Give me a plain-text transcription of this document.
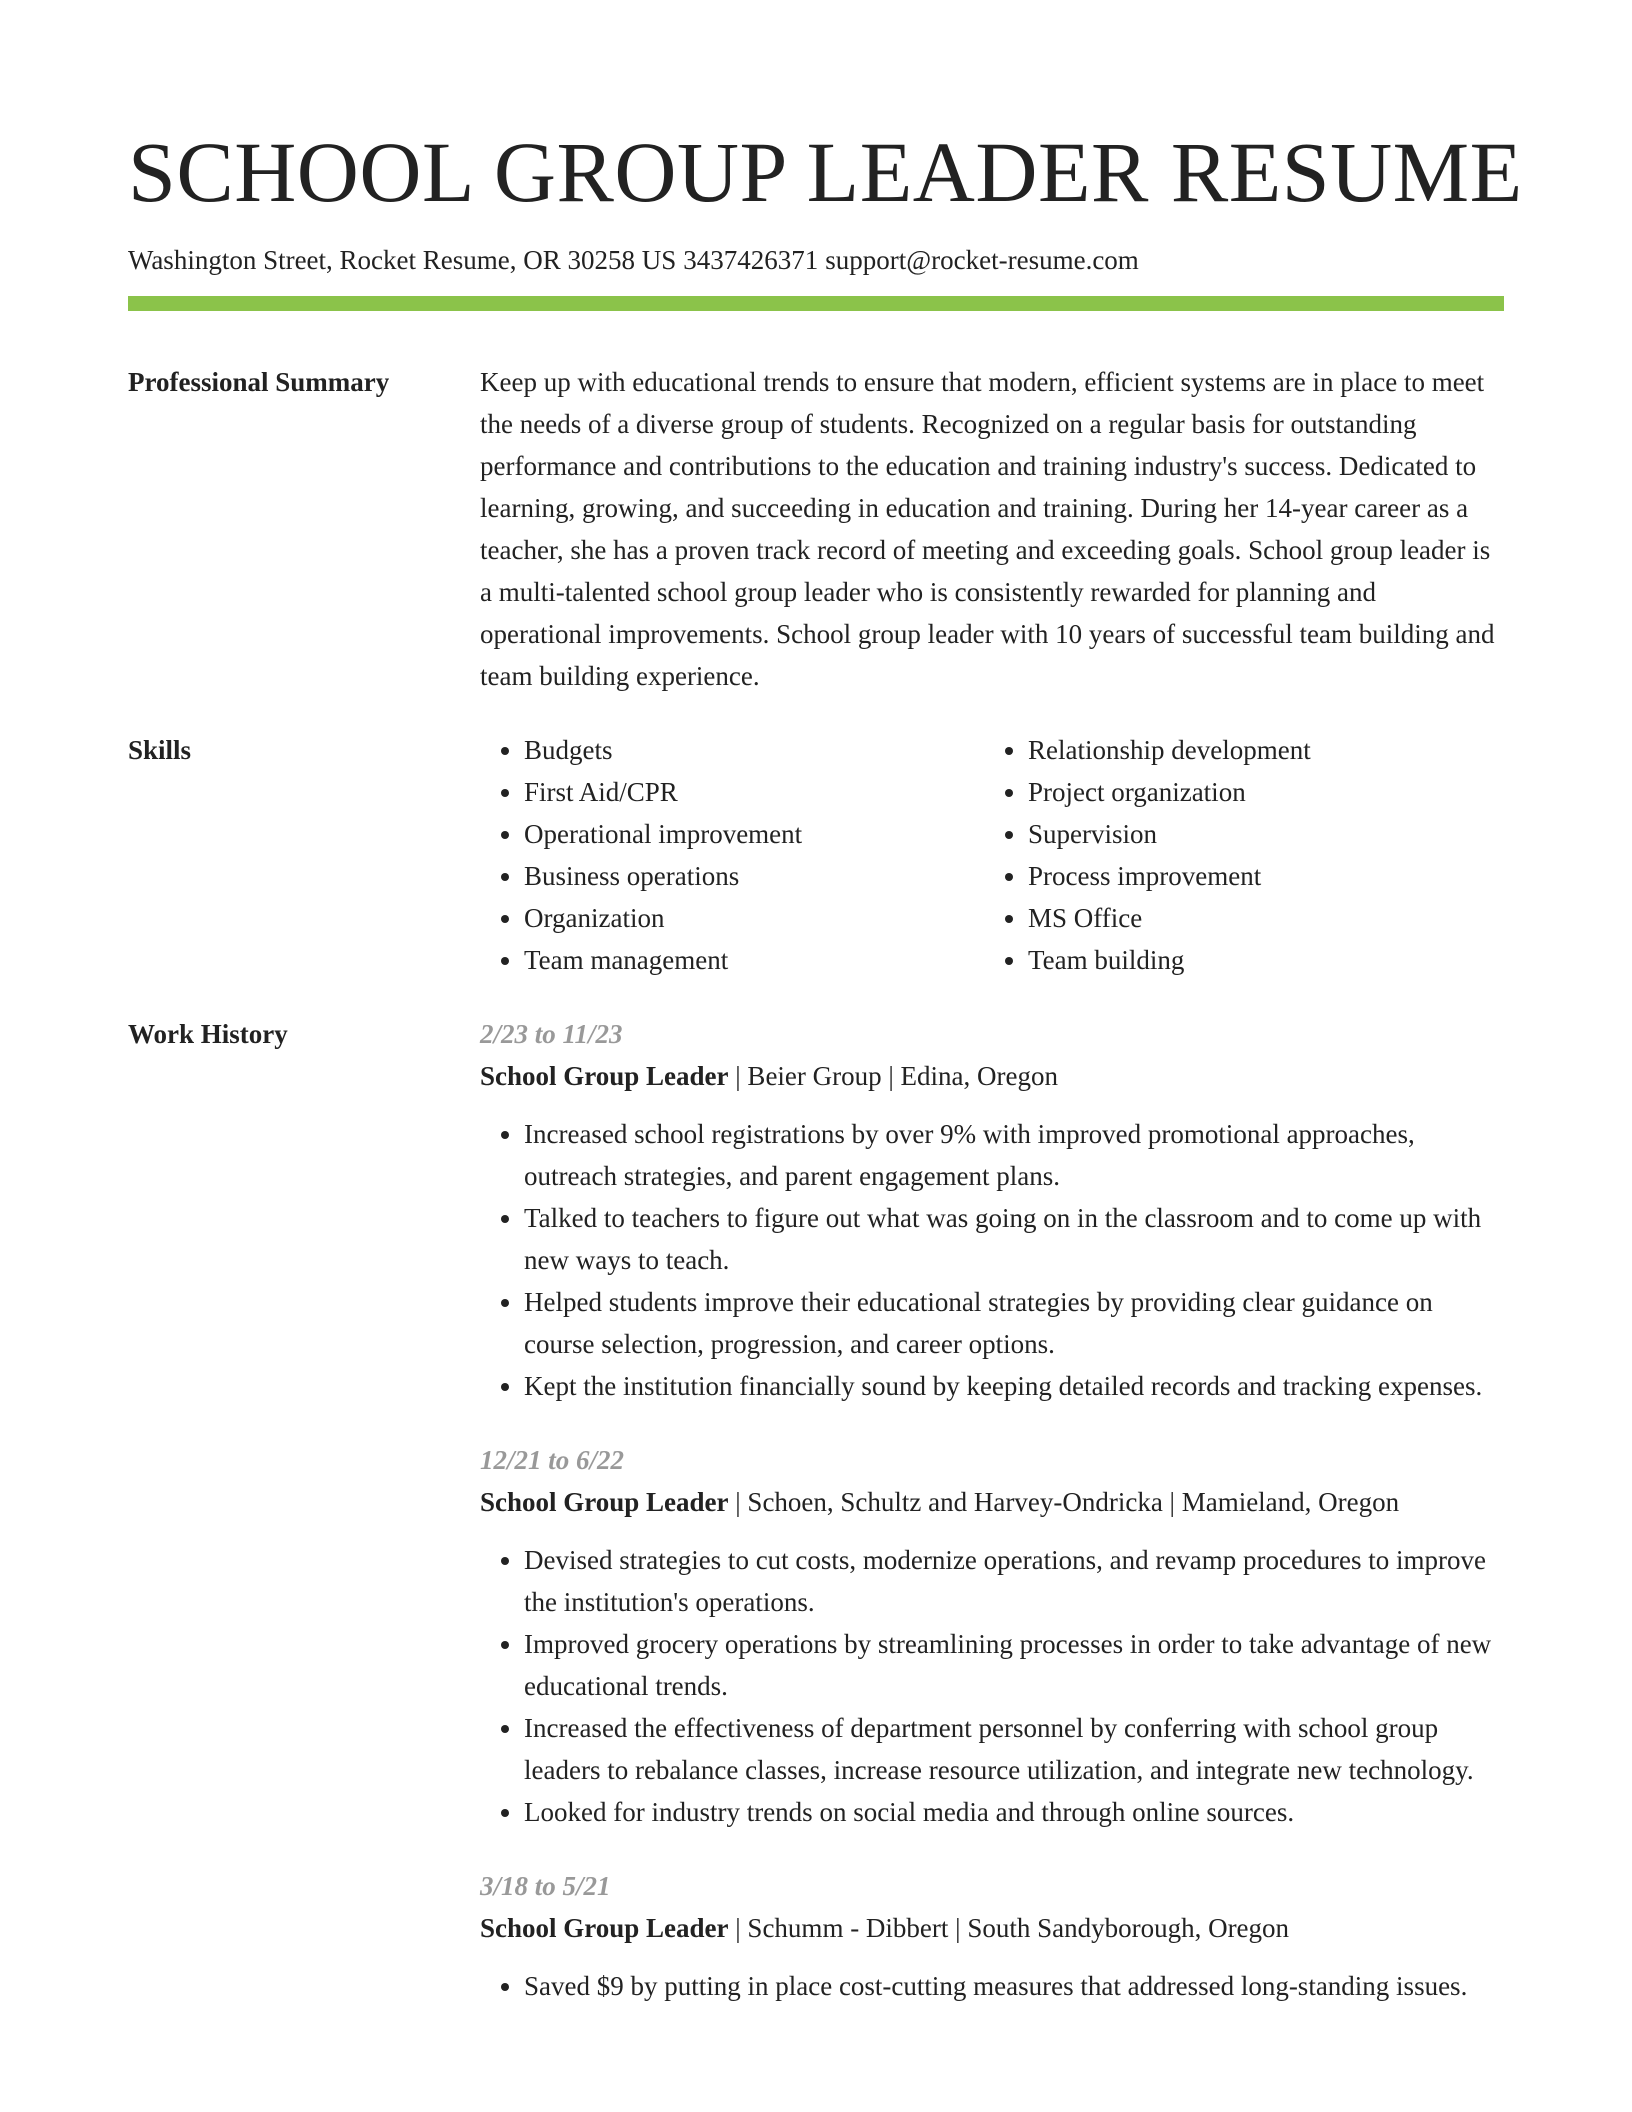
SCHOOL GROUP LEADER RESUME
Washington Street, Rocket Resume, OR 30258 US 3437426371 support@rocket-resume.com
Professional Summary	Keep up with educational trends to ensure that modern, efficient systems are in place to meet the needs of a diverse group of students. Recognized on a regular basis for outstanding performance and contributions to the education and training industry's success. Dedicated to learning, growing, and succeeding in education and training. During her 14-year career as a teacher, she has a proven track record of meeting and exceeding goals. School group leader is a multi-talented school group leader who is consistently rewarded for planning and operational improvements. School group leader with 10 years of successful team building and team building experience.
Skills
•	Budgets
• First Aid/CPR
• Operational improvement
• Business operations
• Organization
• Team management
• Relationship development
• Project organization
• Supervision
• Process improvement
• MS Office
• Team building
Work History	2/23 to 11/23
School Group Leader | Beier Group | Edina, Oregon
• Increased school registrations by over 9% with improved promotional approaches, outreach strategies, and parent engagement plans.
• Talked to teachers to figure out what was going on in the classroom and to come up with new ways to teach.
• Helped students improve their educational strategies by providing clear guidance on course selection, progression, and career options.
• Kept the institution financially sound by keeping detailed records and tracking expenses.
12/21 to 6/22
School Group Leader | Schoen, Schultz and Harvey-Ondricka | Mamieland, Oregon
• Devised strategies to cut costs, modernize operations, and revamp procedures to improve the institution's operations.
• Improved grocery operations by streamlining processes in order to take advantage of new educational trends.
• Increased the effectiveness of department personnel by conferring with school group leaders to rebalance classes, increase resource utilization, and integrate new technology.
• Looked for industry trends on social media and through online sources.
3/18 to 5/21
School Group Leader | Schumm - Dibbert | South Sandyborough, Oregon
• Saved $9 by putting in place cost-cutting measures that addressed long-standing issues.
